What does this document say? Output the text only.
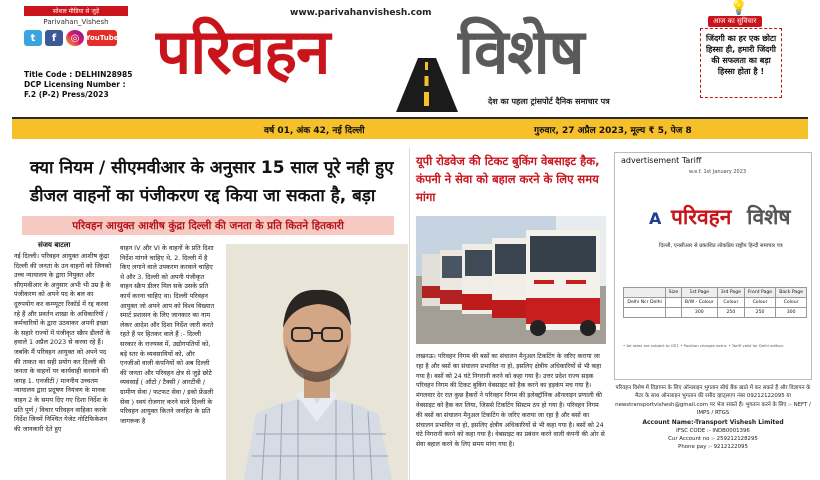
सोशल मीडिया से जुड़ें
Parivahan_Vishesh
t	f	◎ YouTube
Title Code : DELHIN28985
DCP Licensing Number :
F.2 (P-2) Press/2023
www.parivahanvishesh.com
परिवहन विशेष
देश का पहला ट्रांसपोर्ट दैनिक समाचार पत्र
💡
आज का सुविचार
जिंदगी का हर एक छोटा हिस्सा ही, हमारी जिंदगी की सफलता का बड़ा हिस्सा होता है !
वर्ष 01, अंक 42, नई दिल्ली	गुरुवार, 27 अप्रैल 2023, मूल्य ₹ 5, पेज 8
क्या नियम / सीएमवीआर के अनुसार 15 साल पूरे नही हुए
डीजल वाहनों का पंजीकरण रद्द किया जा सकता है, बड़ा
परिवहन आयुक्त आशीष कुंद्रा दिल्ली की जनता के प्रति कितने हितकारी
संजय बाटला
नई दिल्ली। परिवहन आयुक्त आशीष कुंद्रा दिल्ली की जनता के उन वाहनों को जिनको उच्च न्यायालय के द्वारा नियुक्त और सीएमवीआर के अनुसार अभी भी उम्र है के पंजीकरण को अपने पद के बल का दुरुपयोग कर कम्प्यूटर रिकॉर्ड में रद्द करवा रहे हैं और प्रवर्तन शाखा के अधिकारियों / कर्मचारियों के द्वारा उठवाकर अपनी इच्छा के सहारे राज्यों में पंजीकृत स्क्रैप डीलरों के हवाले 1 अप्रैल 2023 से करवा रहे हैं। जबकि मैं परिवहन आयुक्त को अपने पद की ताकत का सही प्रयोग कर दिल्ली की जनता के वाहनों पर कार्यवाही करवाने की जगह 1. एनजीटी / माननीय उच्चतम न्यायालय द्वारा प्रदूषण नियंत्रण के मानक वाहन 2 के समय दिए गए दिशा निर्देश के प्रति पूर्ण / विचार परिवहन वाहिका करके निर्देश जिनमें निश्चित गेजेट नोटिफिकेशन की जानकारी देते हुए
वाहन IV और VI के वाहनों के प्रति दिशा निर्देश मांगने चाहिए थे, 2. दिल्ली में है किए लगाने वाले उपकरण करवाने चाहिए थे और 3. दिल्ली को अपनी पंजीकृत वाहन स्क्रैप डीलर मिल सके उसके प्रति कार्य करना चाहिए था। दिल्ली परिवहन आयुक्त जो अपने आप को विश्व विख्यात स्मार्ट प्रशासन के लिए जानकार का नाम लेकर आदेश और दिशा निर्देश जारी करते रहते हैं पर हितकर वाले हैं :- दिल्ली सरकार के राज्यस्व में, उद्योगपतियों को, बड़े स्तर के व्यवसायियों को, और एनजीओ वाली कंपनियों को अब दिल्ली की जनता और परिवहन क्षेत्र से जुड़े छोटे व्यवसाई ( ऑटो / टैक्सी / आरटीवी / ग्रामीण सेवा / फटफट सेवा / इको फ्रेंडली सेवा ) स्वयं रोजगार करने वाले दिल्ली के परिवहन आयुक्त कितने जनहित के प्रति जागरूक है
यूपी रोडवेज की टिकट बुकिंग वेबसाइट हैक, कंपनी ने सेवा को बहाल करने के लिए समय मांगा
लखनऊ। परिवहन निगम की बसों का संचालन मैनुअल टिकटिंग के जरिए कराया जा रहा है और बसों का संचालन प्रभावित ना हो, इसलिए क्षेत्रीय अधिकारियों से भी कहा गया है। बसों को 24 घंटे निगरानी करने को कहा गया है। उत्तर प्रदेश राज्य सड़क परिवहन निगम की टिकट बुकिंग वेबसाइट को हैक करने का हड़कंप मच गया है। मंगलवार देर रात कुछ हैकरों ने परिवहन निगम की इलेक्ट्रॉनिक ऑनलाइन प्रणाली की वेबसाइट को हैक कर लिया, जिससे टिकटिंग सिस्टम ठप हो गया है। परिवहन निगम की बसों का संचालन मैनुअल टिकटिंग के जरिए कराया जा रहा है और बसों का संचालन प्रभावित ना हो, इसलिए क्षेत्रीय अधिकारियों से भी कहा गया है। बसों को 24 घंटे निगरानी करने को कहा गया है। वेबसाइट का प्रबंधन करने वाली कंपनी की ओर से सेवा बहाल करने के लिए समय मांगा गया है।
advertisement Tariff
w.e.f. 1st January 2023
A परिवहन विशेष
दिल्ली, एनसीआर से प्रकाशित लोकप्रिय राष्ट्रीय हिन्दी समाचार पत्र
	Size	1st Page	3rd Page	Front Page	Back Page
Delhi Ncr Delhi		B/W - Colour	Colour	Colour	Colour
		300	250	250	300
• Ad rates are subject to GST. • Position charges extra. • Tariff valid for Delhi edition.
परिवहन विशेष में विज्ञापन के लिए ऑनलाइन भुगतान सीधे बैंक खाते में कर सकते हैं और विज्ञापन के मैटर के साथ ऑनलाइन भुगतान की रसीद व्हाट्सएप नंबर 09212122095 या newstransportvishesh@gmail.com पर भेज सकते हैं। भुगतान करने के लिए :- NEFT / IMPS / RTGS
Account Name:-Transport Vishesh Limited
IFSC CODE :- INDB0001396
Cur Account no :- 259212128295
Phone pay :- 9212122095
